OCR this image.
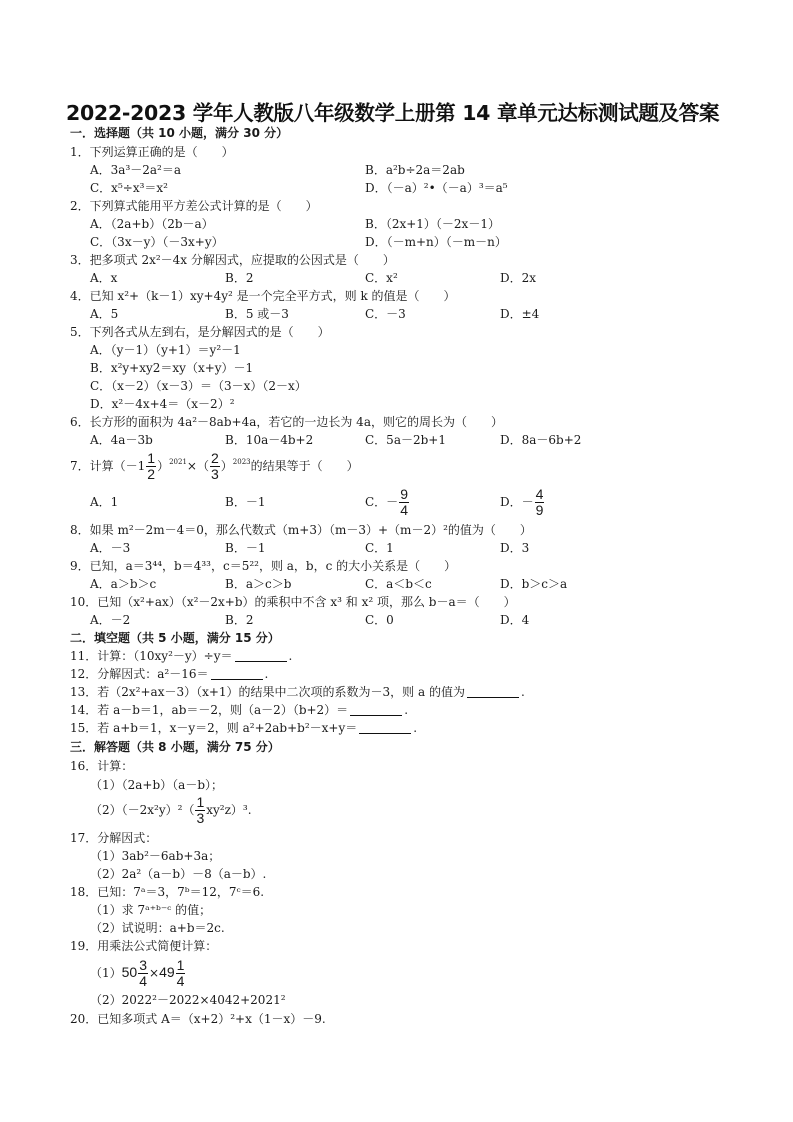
2022-2023 学年人教版八年级数学上册第 14 章单元达标测试题及答案
一．选择题（共 10 小题，满分 30 分）
1．下列运算正确的是（　　）
A．3a³－2a²＝a	B．a²b÷2a＝2ab
C．x⁵÷x³＝x²	D．（－a）²•（－a）³＝a⁵
2．下列算式能用平方差公式计算的是（　　）
A．（2a+b）（2b－a）	B．（2x+1）（－2x－1）
C．（3x－y）（－3x+y）	D．（－m+n）（－m－n）
3．把多项式 2x²－4x 分解因式，应提取的公因式是（　　）
A．x	B．2	C．x²	D．2x
4．已知 x²+（k－1）xy+4y² 是一个完全平方式，则 k 的值是（　　）
A．5	B．5 或－3	C．－3	D．±4
5．下列各式从左到右，是分解因式的是（　　）
A．（y－1）（y+1）＝y²－1
B．x²y+xy2＝xy（x+y）－1
C．（x－2）（x－3）＝（3－x）（2－x）
D．x²－4x+4＝（x－2）²
6．长方形的面积为 4a²－8ab+4a，若它的一边长为 4a，则它的周长为（　　）
A．4a－3b	B．10a－4b+2	C．5a－2b+1	D．8a－6b+2
7．计算$(-1 \frac{1}{2} )^{2021}\times( \frac{2}{3} )^{2023}$的结果等于（　　）
A．1	B．－1	C．－ $\frac{9}{4}$	D．－ $\frac{4}{9}$
8．如果 m²－2m－4＝0，那么代数式（m+3）（m－3）+（m－2）²的值为（　　）
A．－3	B．－1	C．1	D．3
9．已知，a＝3⁴⁴，b＝4³³，c＝5²²，则 a，b，c 的大小关系是（　　）
A．a＞b＞c	B．a＞c＞b	C．a＜b＜c	D．b＞c＞a
10．已知（x²+ax）（x²－2x+b）的乘积中不含 x³ 和 x² 项，那么 b－a＝（　　）
A．－2	B．2	C．0	D．4
二．填空题（共 5 小题，满分 15 分）
11．计算：（10xy²－y）÷y＝	.
12．分解因式：a²－16＝	.
13．若（2x²+ax－3）（x+1）的结果中二次项的系数为－3，则 a 的值为	.
14．若 a－b＝1，ab＝－2，则（a－2）（b+2）＝	.
15．若 a+b＝1，x－y＝2，则 a²+2ab+b²－x+y＝	.
三．解答题（共 8 小题，满分 75 分）
16．计算：
（1）（2a+b）（a－b）；
$(2)(-2x^2y)^2( \frac{1}{3} xy^2z)^3$.
17．分解因式：
（1）3ab²－6ab+3a；
（2）2a²（a－b）－8（a－b）.
18．已知：7ᵃ＝3，7ᵇ＝12，7ᶜ＝6.
（1）求 7ᵃ⁺ᵇ⁻ᶜ 的值；
（2）试说明：a+b＝2c.
19．用乘法公式简便计算：
$(1)50 \frac{3}{4} \times 49 \frac{1}{4}$
（2）2022²－2022×4042+2021²
20．已知多项式 A＝（x+2）²+x（1－x）－9.
